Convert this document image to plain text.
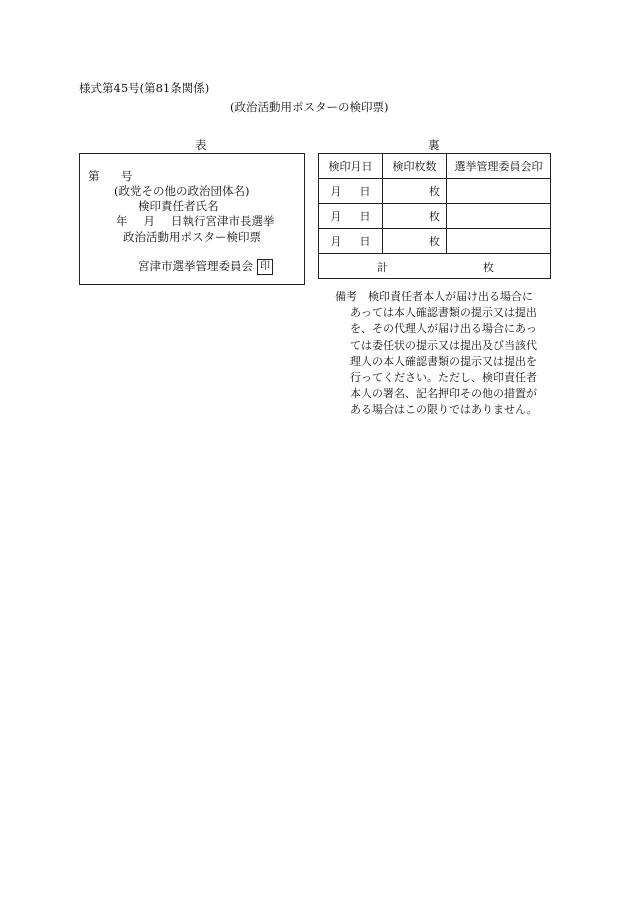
様式第45号(第81条関係)
(政治活動用ポスターの検印票)
表	裏
第 号
(政党その他の政治団体名)
検印責任者氏名
年 月 日執行宮津市長選挙
政治活動用ポスター検印票
宮津市選挙管理委員会 印
検印月日	検印枚数	選挙管理委員会印
月 日	枚	
月 日	枚	
月 日	枚	

計 枚		
備考	検印責任者本人が届け出る場合に
あっては本人確認書類の提示又は提出
を、その代理人が届け出る場合にあっ
ては委任状の提示又は提出及び当該代
理人の本人確認書類の提示又は提出を
行ってください。ただし、検印責任者
本人の署名、記名押印その他の措置が
ある場合はこの限りではありません。
